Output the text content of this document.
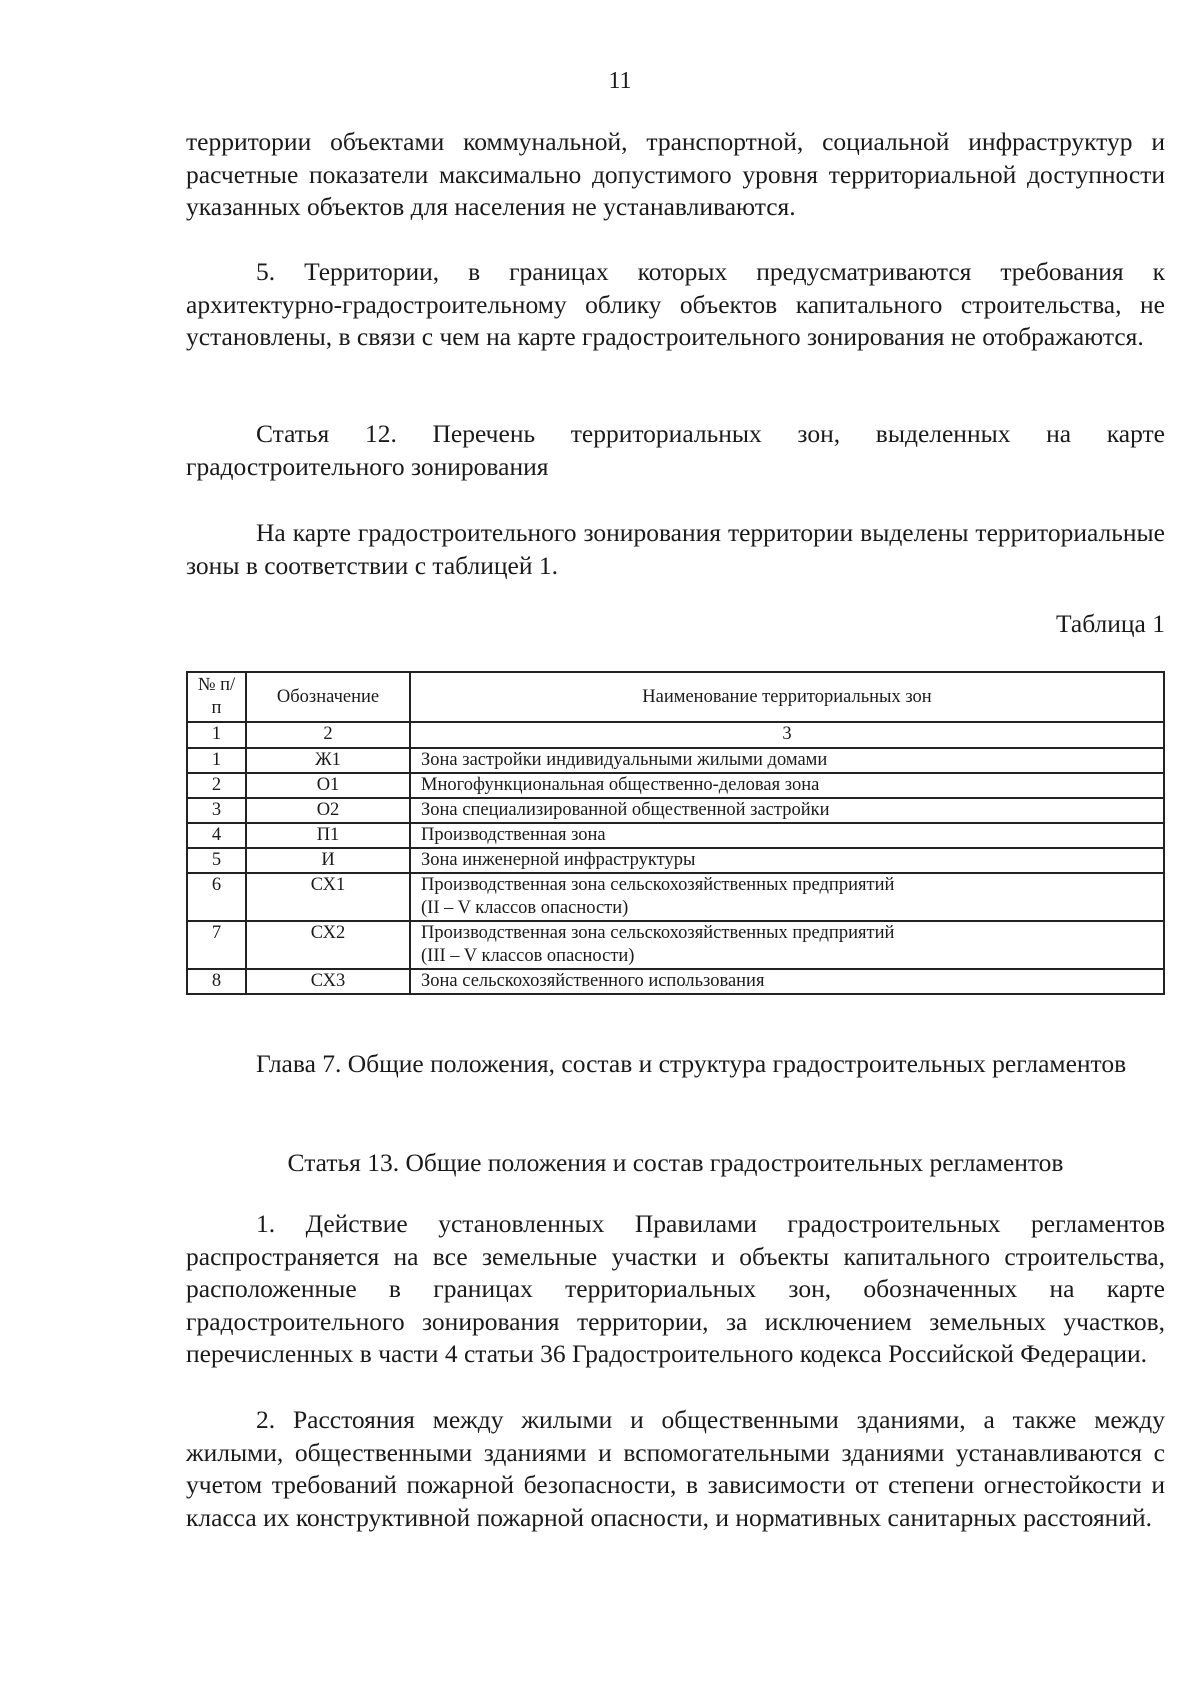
11

территории объектами коммунальной, транспортной, социальной инфраструктур и расчетные показатели максимально допустимого уровня территориальной доступности указанных объектов для населения не устанавливаются.

5. Территории, в границах которых предусматриваются требования к архитектурно-градостроительному облику объектов капитального строительства, не установлены, в связи с чем на карте градостроительного зонирования не отображаются.

Статья 12. Перечень территориальных зон, выделенных на карте градостроительного зонирования

На карте градостроительного зонирования территории выделены территориальные зоны в соответствии с таблицей 1.

Таблица 1
№ п/п	Обозначение	Наименование территориальных зон
1	2	3
1	Ж1	Зона застройки индивидуальными жилыми домами
2	О1	Многофункциональная общественно-деловая зона
3	О2	Зона специализированной общественной застройки
4	П1	Производственная зона
5	И	Зона инженерной инфраструктуры
6	СХ1	Производственная зона сельскохозяйственных предприятий
(II – V классов опасности)
7	СХ2	Производственная зона сельскохозяйственных предприятий
(III – V классов опасности)
8	СХ3	Зона сельскохозяйственного использования

Глава 7. Общие положения, состав и структура градостроительных регламентов

Статья 13. Общие положения и состав градостроительных регламентов

1. Действие установленных Правилами градостроительных регламентов распространяется на все земельные участки и объекты капитального строительства, расположенные в границах территориальных зон, обозначенных на карте градостроительного зонирования территории, за исключением земельных участков, перечисленных в части 4 статьи 36 Градостроительного кодекса Российской Федерации.

2. Расстояния между жилыми и общественными зданиями, а также между жилыми, общественными зданиями и вспомогательными зданиями устанавливаются с учетом требований пожарной безопасности, в зависимости от степени огнестойкости и класса их конструктивной пожарной опасности, и нормативных санитарных расстояний.
